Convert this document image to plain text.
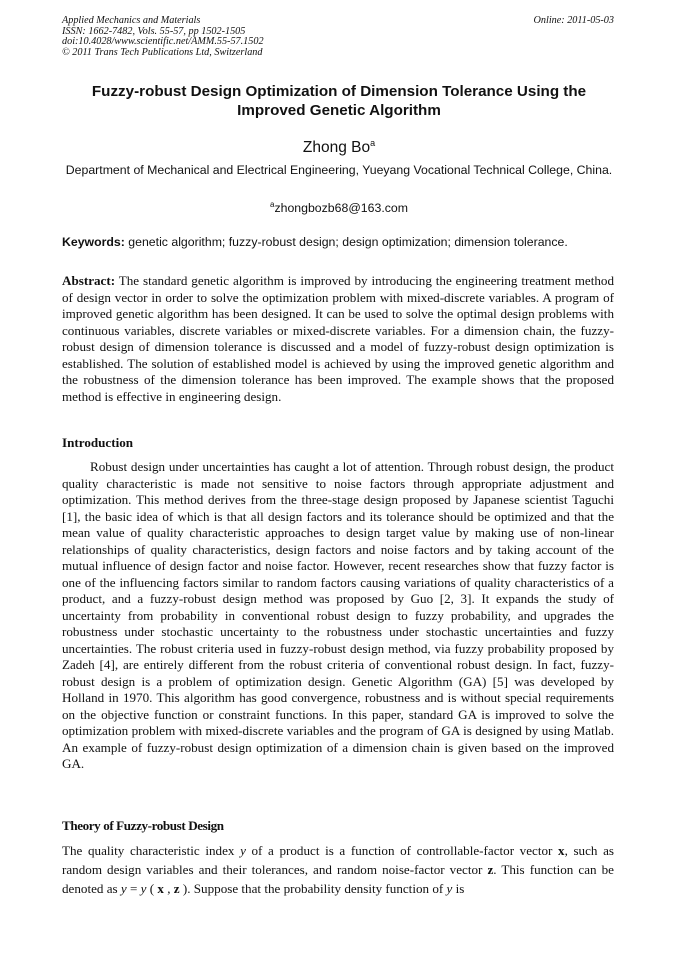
Applied Mechanics and Materials
ISSN: 1662-7482, Vols. 55-57, pp 1502-1505
doi:10.4028/www.scientific.net/AMM.55-57.1502
© 2011 Trans Tech Publications Ltd, Switzerland
Online: 2011-05-03
Fuzzy-robust Design Optimization of Dimension Tolerance Using the Improved Genetic Algorithm
Zhong Bo$^a$
Department of Mechanical and Electrical Engineering, Yueyang Vocational Technical College, China.
$^a$zhongbozb68@163.com
Keywords: genetic algorithm; fuzzy-robust design; design optimization; dimension tolerance.
Abstract: The standard genetic algorithm is improved by introducing the engineering treatment method of design vector in order to solve the optimization problem with mixed-discrete variables. A program of improved genetic algorithm has been designed. It can be used to solve the optimal design problems with continuous variables, discrete variables or mixed-discrete variables. For a dimension chain, the fuzzy-robust design of dimension tolerance is discussed and a model of fuzzy-robust design optimization is established. The solution of established model is achieved by using the improved genetic algorithm and the robustness of the dimension tolerance has been improved. The example shows that the proposed method is effective in engineering design.
Introduction
Robust design under uncertainties has caught a lot of attention. Through robust design, the product quality characteristic is made not sensitive to noise factors through appropriate adjustment and optimization. This method derives from the three-stage design proposed by Japanese scientist Taguchi [1], the basic idea of which is that all design factors and its tolerance should be optimized and that the mean value of quality characteristic approaches to design target value by making use of non-linear relationships of quality characteristics, design factors and noise factors and by taking account of the mutual influence of design factor and noise factor. However, recent researches show that fuzzy factor is one of the influencing factors similar to random factors causing variations of quality characteristics of a product, and a fuzzy-robust design method was proposed by Guo [2, 3]. It expands the study of uncertainty from probability in conventional robust design to fuzzy probability, and upgrades the robustness under stochastic uncertainty to the robustness under stochastic uncertainties and fuzzy uncertainties. The robust criteria used in fuzzy-robust design method, via fuzzy probability proposed by Zadeh [4], are entirely different from the robust criteria of conventional robust design. In fact, fuzzy-robust design is a problem of optimization design. Genetic Algorithm (GA) [5] was developed by Holland in 1970. This algorithm has good convergence, robustness and is without special requirements on the objective function or constraint functions. In this paper, standard GA is improved to solve the optimization problem with mixed-discrete variables and the program of GA is designed by using Matlab. An example of fuzzy-robust design optimization of a dimension chain is given based on the improved GA.
Theory of Fuzzy-robust Design
The quality characteristic index y of a product is a function of controllable-factor vector x, such as random design variables and their tolerances, and random noise-factor vector z. This function can be denoted as y = y ( x , z ). Suppose that the probability density function of y is
